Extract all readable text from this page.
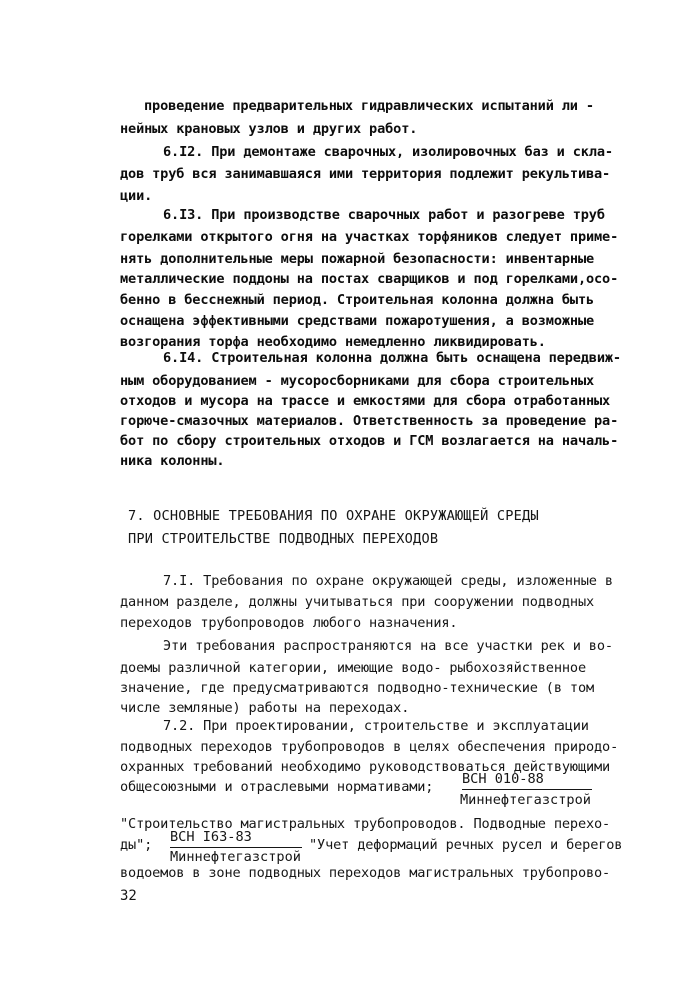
проведение предварительных гидравлических испытаний ли -
нейных крановых узлов и других работ.
6.I2. При демонтаже сварочных, изолировочных баз и скла-
дов труб вся занимавшаяся ими территория подлежит рекультива-
ции.
6.I3. При производстве сварочных работ и разогреве труб
горелками открытого огня на участках торфяников следует приме-
нять дополнительные меры пожарной безопасности: инвентарные
металлические поддоны на постах сварщиков и под горелками,осо-
бенно в бесснежный период. Строительная колонна должна быть
оснащена эффективными средствами пожаротушения, а возможные
возгорания торфа необходимо немедленно ликвидировать.
6.I4. Строительная колонна должна быть оснащена передвиж-
ным оборудованием - мусоросборниками для сбора строительных
отходов и мусора на трассе и емкостями для сбора отработанных
горюче-смазочных материалов. Ответственность за проведение ра-
бот по сбору строительных отходов и ГСМ возлагается на началь-
ника колонны.
7. ОСНОВНЫЕ ТРЕБОВАНИЯ ПО ОХРАНЕ ОКРУЖАЮЩЕЙ СРЕДЫ
ПРИ СТРОИТЕЛЬСТВЕ ПОДВОДНЫХ ПЕРЕХОДОВ
7.I. Требования по охране окружающей среды, изложенные в
данном разделе, должны учитываться при сооружении подводных
переходов трубопроводов любого назначения.
Эти требования распространяются на все участки рек и во-
доемы различной категории, имеющие водо- рыбохозяйственное
значение, где предусматриваются подводно-технические (в том
числе земляные) работы на переходах.
7.2. При проектировании, строительстве и эксплуатации
подводных переходов трубопроводов в целях обеспечения природо-
охранных требований необходимо руководствоваться действующими
общесоюзными и отраслевыми нормативами; ВСН 010-88
Миннефтегазстрой
"Строительство магистральных трубопроводов. Подводные перехо-
ды"; ВСН I63-83
Миннефтегазстрой
"Учет деформаций речных русел и берегов
водоемов в зоне подводных переходов магистральных трубопрово-
32
